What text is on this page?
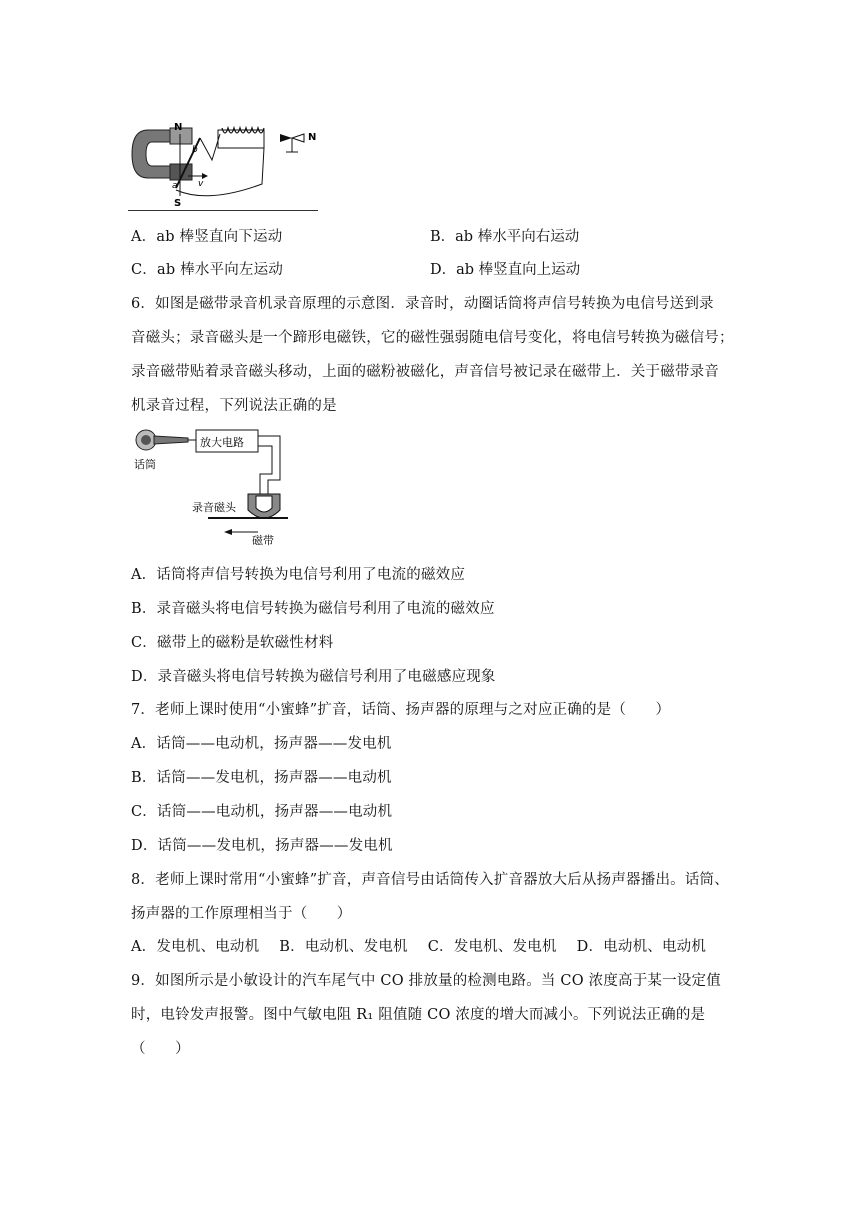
N
S
b
a v
N
A．ab 棒竖直向下运动	B．ab 棒水平向右运动
C．ab 棒水平向左运动	D．ab 棒竖直向上运动
6．如图是磁带录音机录音原理的示意图．录音时，动圈话筒将声信号转换为电信号送到录
音磁头；录音磁头是一个蹄形电磁铁，它的磁性强弱随电信号变化，将电信号转换为磁信号；
录音磁带贴着录音磁头移动，上面的磁粉被磁化，声音信号被记录在磁带上．关于磁带录音
机录音过程，下列说法正确的是
放大电路
话筒
录音磁头
磁带
A．话筒将声信号转换为电信号利用了电流的磁效应
B．录音磁头将电信号转换为磁信号利用了电流的磁效应
C．磁带上的磁粉是软磁性材料
D．录音磁头将电信号转换为磁信号利用了电磁感应现象
7．老师上课时使用“小蜜蜂”扩音，话筒、扬声器的原理与之对应正确的是（　　）
A．话筒——电动机，扬声器——发电机
B．话筒——发电机，扬声器——电动机
C．话筒——电动机，扬声器——电动机
D．话筒——发电机，扬声器——发电机
8．老师上课时常用“小蜜蜂”扩音，声音信号由话筒传入扩音器放大后从扬声器播出。话筒、
扬声器的工作原理相当于（　　）
A．发电机、电动机 B．电动机、发电机 C．发电机、发电机 D．电动机、电动机
9．如图所示是小敏设计的汽车尾气中 CO 排放量的检测电路。当 CO 浓度高于某一设定值
时，电铃发声报警。图中气敏电阻 R₁ 阻值随 CO 浓度的增大而减小。下列说法正确的是
（　　）
